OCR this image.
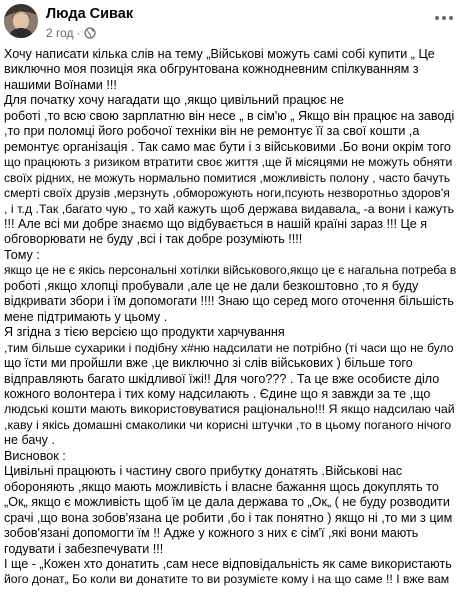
Люда Сивак
2 год ·

Хочу написати кілька слів на тему „Військові можуть самі собі купити „ Це

виключно моя позиція яка обгрунтована кожнодневним спілкуванням з

нашими Воїнами !!!

Для початку хочу нагадати що ,якщо цивільний працює не

роботі ,то всю свою зарплатню він несе „ в сім'ю „ Якщо він працює на заводі

,то при поломці його робочої техніки він не ремонтує її за свої кошти ,а

ремонтує організація . Так само має бути і з військовими .Бо вони окрім того

що працюють з ризиком втратити своє життя ,ще й місяцями не можуть обняти

своїх рідних, не можуть нормально помитися ,можливість полону , часто бачуть

смерті своїх друзів ,мерзнуть ,обморожують ноги,псують незворотньо здоров'я

, і т.д .Так ,багато чую „ то хай кажуть щоб держава видавала„ -а вони і кажуть

!!! Але всі ми добре знаємо що відбувається в нашій країні зараз !!! Це я

обговорювати не буду ,всі і так добре розуміють !!!!

Тому :

якщо це не є якісь персональні хотілки військового,якщо це є нагальна потреба в

роботі ,якщо хлопці пробували ,але це не дали безкоштовно ,то я буду

відкривати збори і їм допомогати !!!! Знаю що серед мого оточення більшість

мене підтримають у цьому .

Я згідна з тією версією що продукти харчування

,тим більше сухарики і подібну х#ню надсилати не потрібно (ті часи що не було

що їсти ми пройшли вже ,це виключно зі слів військових ) більше того

відправляють багато шкідливої їжі!! Для чого??? . Та це вже особисте діло

кожного волонтера і тих кому надсилають . Єдине що я завжди за те ,що

людські кошти мають використовуватися раціонально!!! Я якщо надсилаю чай

,каву і якісь домашні смаколики чи корисні штучки ,то в цьому поганого нічого

не бачу .

Висновок :

Цивільні працюють і частину свого прибутку донатять .Військові нас

обороняють ,якщо мають можливість і власне бажання щось докуплять то

„Ок„ якщо є можливість щоб їм це дала держава то „Ок„ ( не буду розводити

срачі ,що вона зобов'язана це робити ,бо і так понятно ) якщо ні ,то ми з цим

зобов'язані допомогти їм !! Адже у кожного з них є сім'ї ,які вони мають

годувати і забезпечувати !!!

І ще - „Кожен хто донатить ,сам несе відповідальність як саме використають

його донат„ Бо коли ви донатите то ви розумієте кому і на що саме !! І вже вам
